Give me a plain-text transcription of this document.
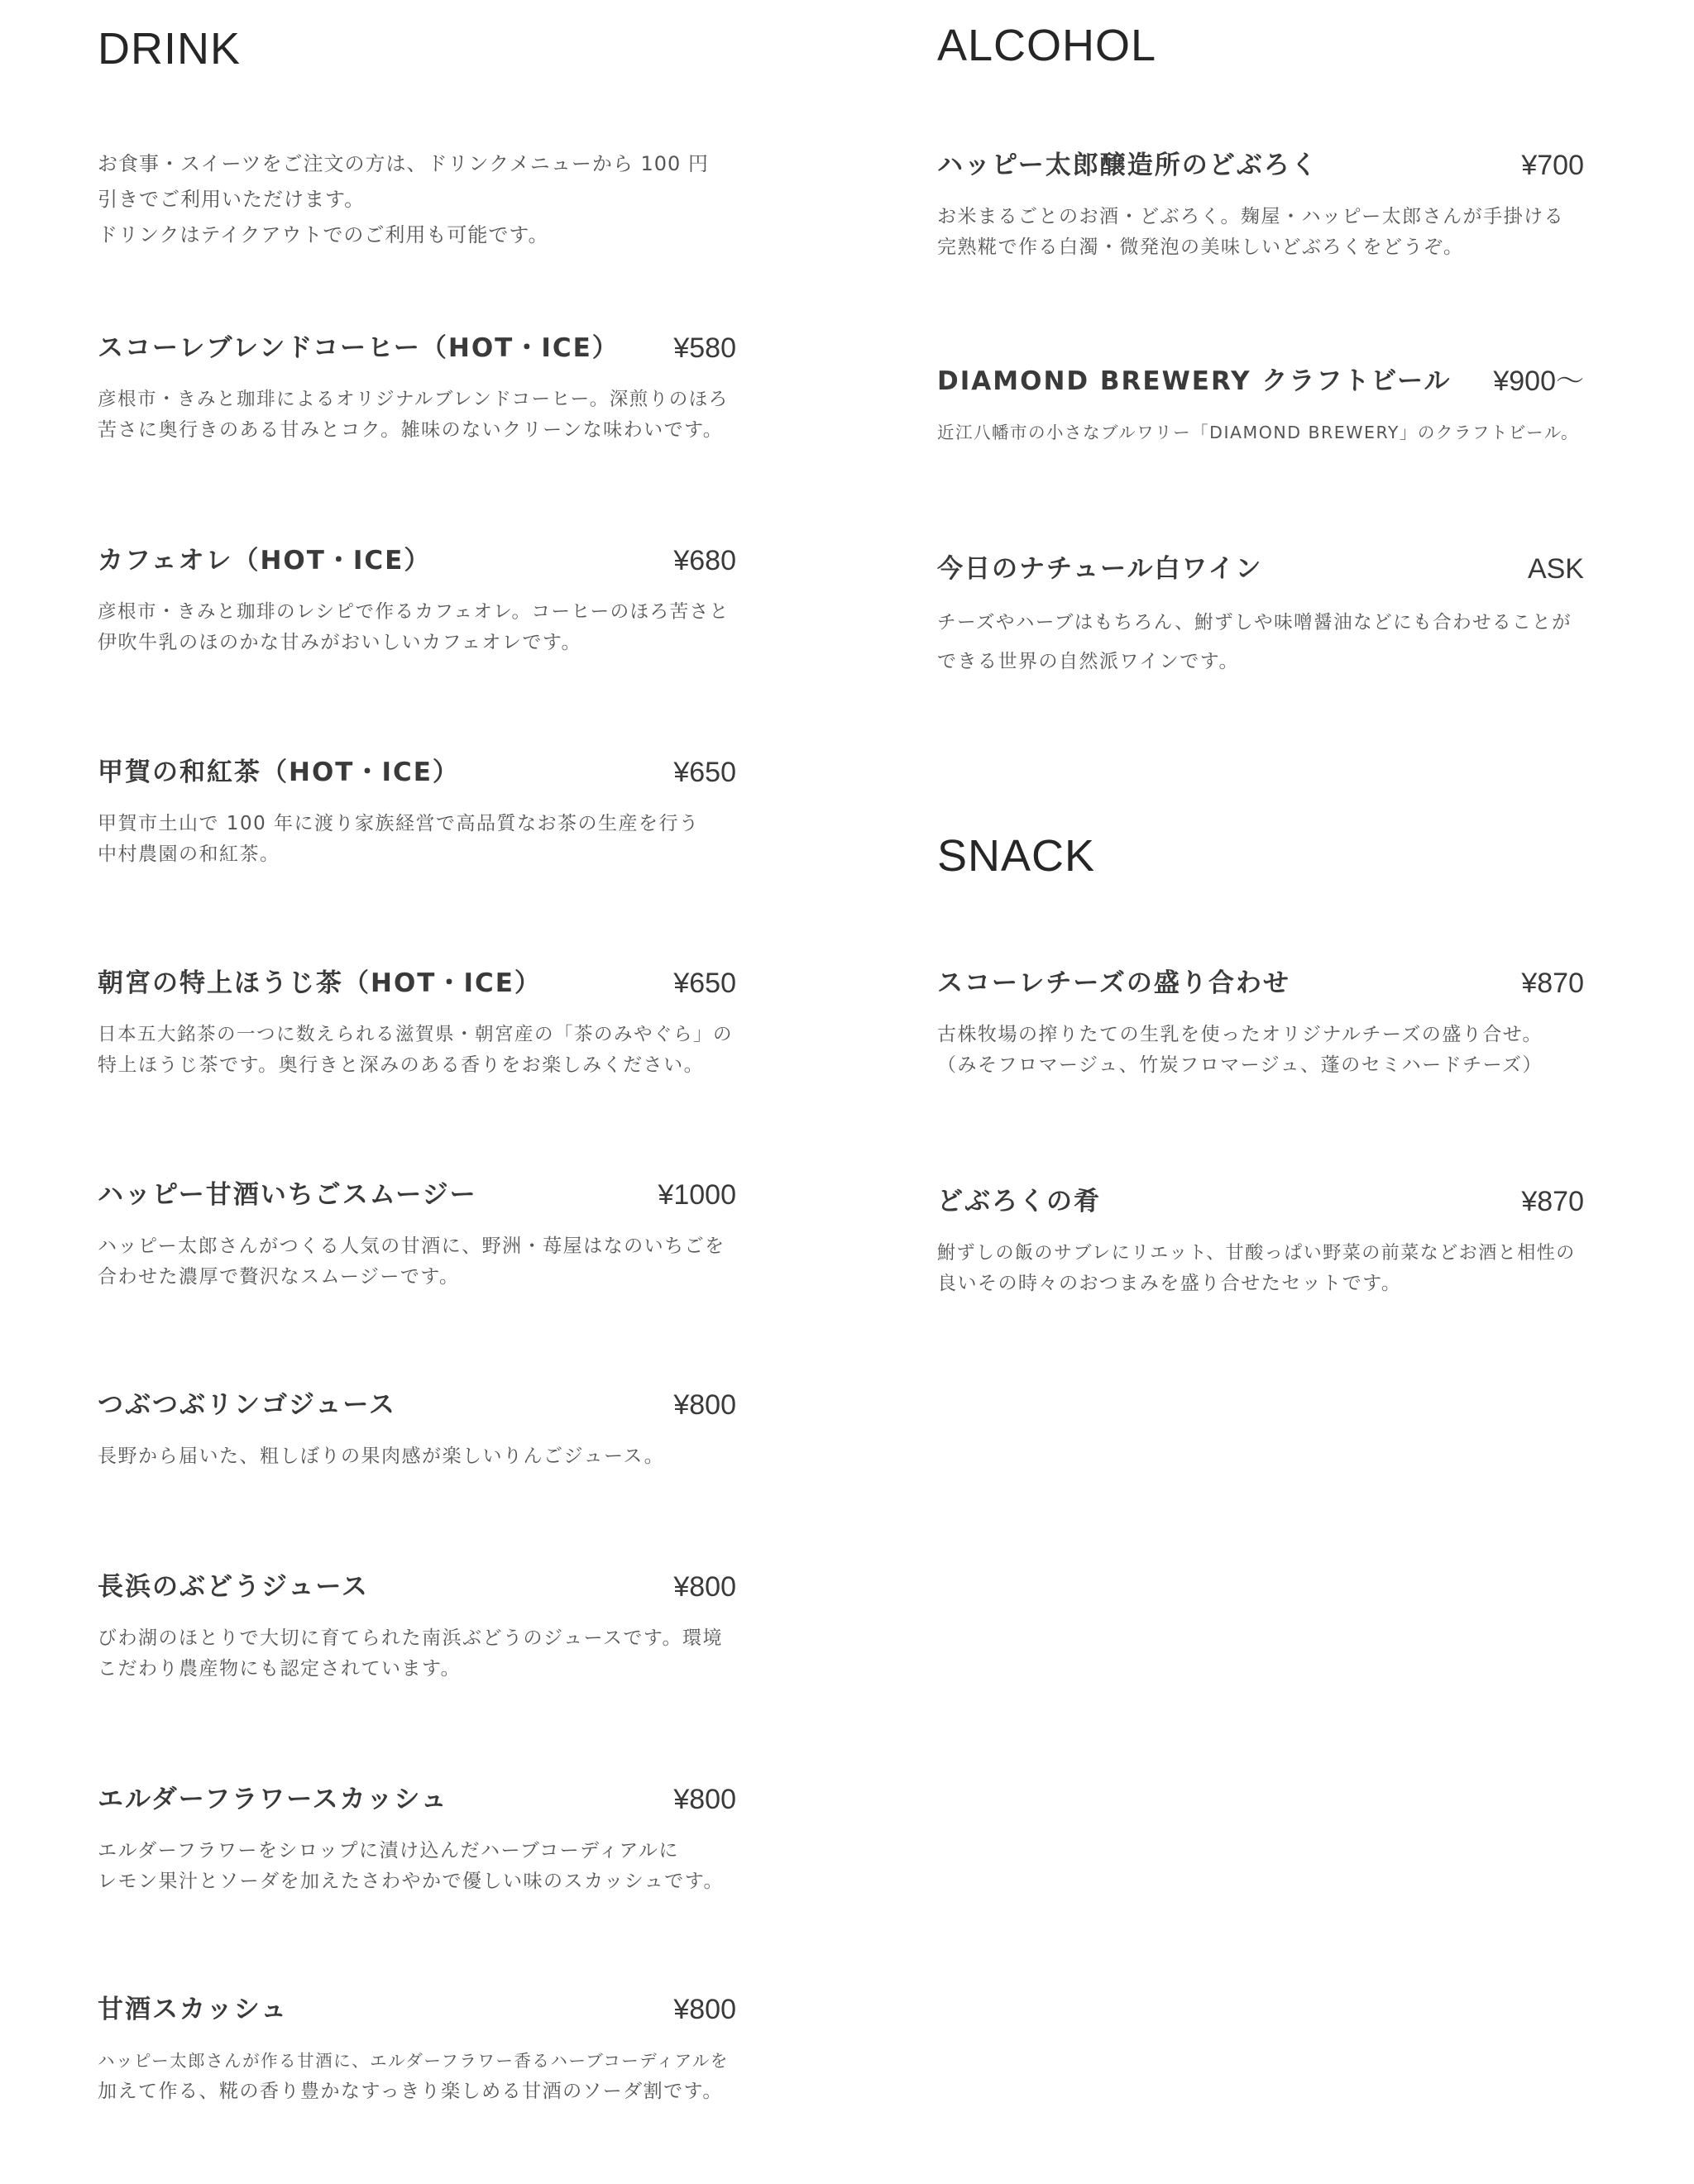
DRINK
お食事・スイーツをご注文の方は、ドリンクメニューから 100 円
引きでご利用いただけます。
ドリンクはテイクアウトでのご利用も可能です。
スコーレブレンドコーヒー（HOT・ICE） ¥580
彦根市・きみと珈琲によるオリジナルブレンドコーヒー。深煎りのほろ
苦さに奥行きのある甘みとコク。雑味のないクリーンな味わいです。
カフェオレ（HOT・ICE）	¥680
彦根市・きみと珈琲のレシピで作るカフェオレ。コーヒーのほろ苦さと
伊吹牛乳のほのかな甘みがおいしいカフェオレです。
甲賀の和紅茶（HOT・ICE）	¥650
甲賀市土山で 100 年に渡り家族経営で高品質なお茶の生産を行う
中村農園の和紅茶。
朝宮の特上ほうじ茶（HOT・ICE）	¥650
日本五大銘茶の一つに数えられる滋賀県・朝宮産の「茶のみやぐら」の
特上ほうじ茶です。奥行きと深みのある香りをお楽しみください。
ハッピー甘酒いちごスムージー	¥1000
ハッピー太郎さんがつくる人気の甘酒に、野洲・苺屋はなのいちごを
合わせた濃厚で贅沢なスムージーです。
つぶつぶリンゴジュース	¥800
長野から届いた、粗しぼりの果肉感が楽しいりんごジュース。
長浜のぶどうジュース	¥800
びわ湖のほとりで大切に育てられた南浜ぶどうのジュースです。環境
こだわり農産物にも認定されています。
エルダーフラワースカッシュ	¥800
エルダーフラワーをシロップに漬け込んだハーブコーディアルに
レモン果汁とソーダを加えたさわやかで優しい味のスカッシュです。
甘酒スカッシュ	¥800
ハッピー太郎さんが作る甘酒に、エルダーフラワー香るハーブコーディアルを
加えて作る、糀の香り豊かなすっきり楽しめる甘酒のソーダ割です。
ALCOHOL
ハッピー太郎醸造所のどぶろく	¥700
お米まるごとのお酒・どぶろく。麹屋・ハッピー太郎さんが手掛ける
完熟糀で作る白濁・微発泡の美味しいどぶろくをどうぞ。
DIAMOND BREWERY クラフトビール ¥900〜
近江八幡市の小さなブルワリー「DIAMOND BREWERY」のクラフトビール。
今日のナチュール白ワイン	ASK
チーズやハーブはもちろん、鮒ずしや味噌醤油などにも合わせることが
できる世界の自然派ワインです。
SNACK
スコーレチーズの盛り合わせ	¥870
古株牧場の搾りたての生乳を使ったオリジナルチーズの盛り合せ。
（みそフロマージュ、竹炭フロマージュ、蓬のセミハードチーズ）
どぶろくの肴	¥870
鮒ずしの飯のサブレにリエット、甘酸っぱい野菜の前菜などお酒と相性の
良いその時々のおつまみを盛り合せたセットです。
